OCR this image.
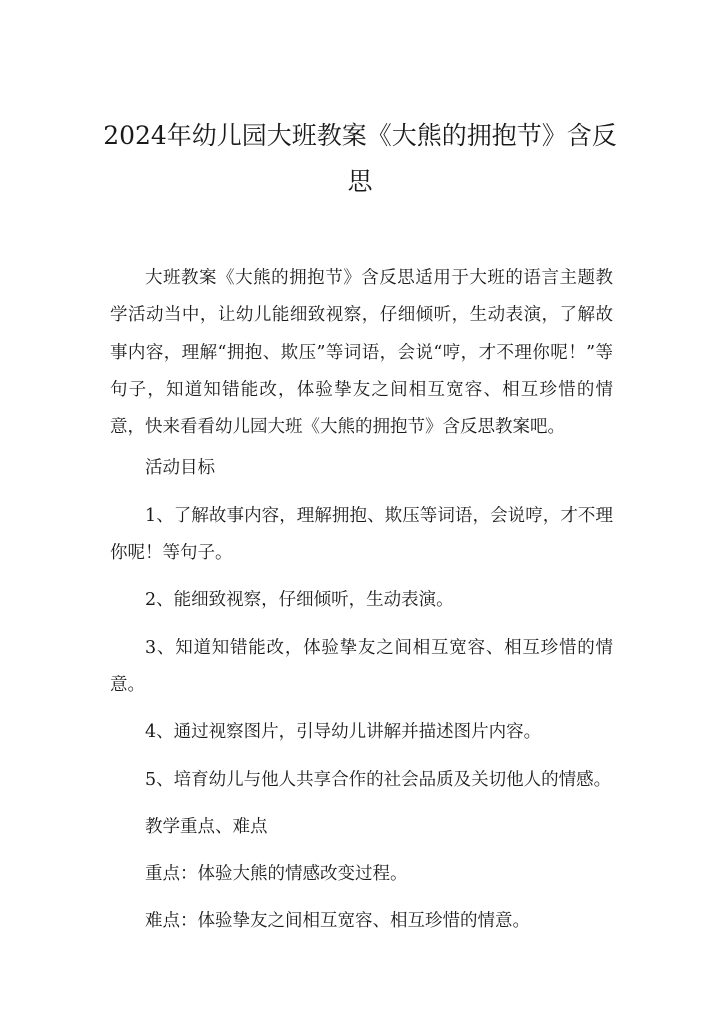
2024年幼儿园大班教案《大熊的拥抱节》含反思

大班教案《大熊的拥抱节》含反思适用于大班的语言主题教学活动当中，让幼儿能细致视察，仔细倾听，生动表演，了解故事内容，理解“拥抱、欺压”等词语，会说“哼，才不理你呢！”等句子，知道知错能改，体验挚友之间相互宽容、相互珍惜的情意，快来看看幼儿园大班《大熊的拥抱节》含反思教案吧。

活动目标

1、了解故事内容，理解拥抱、欺压等词语，会说哼，才不理你呢！等句子。
2、能细致视察，仔细倾听，生动表演。
3、知道知错能改，体验挚友之间相互宽容、相互珍惜的情意。
4、通过视察图片，引导幼儿讲解并描述图片内容。
5、培育幼儿与他人共享合作的社会品质及关切他人的情感。

教学重点、难点

重点：体验大熊的情感改变过程。

难点：体验挚友之间相互宽容、相互珍惜的情意。
